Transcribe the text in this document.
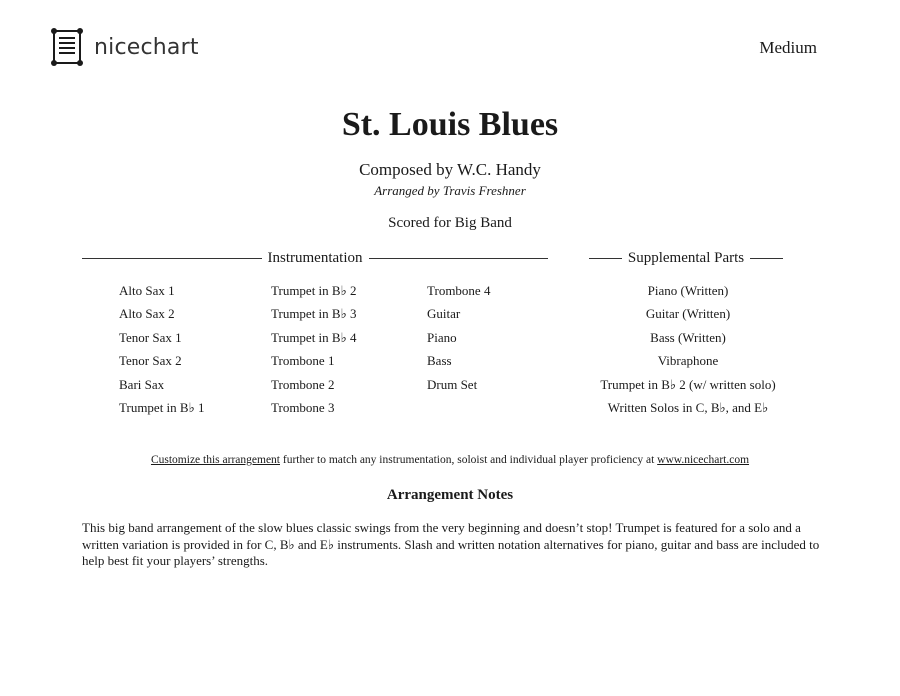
nicechart	Medium
St. Louis Blues
Composed by W.C. Handy
Arranged by Travis Freshner
Scored for Big Band
Instrumentation	Supplemental Parts
Alto Sax 1
Alto Sax 2
Tenor Sax 1
Tenor Sax 2
Bari Sax
Trumpet in B♭ 1
Trumpet in B♭ 2
Trumpet in B♭ 3
Trumpet in B♭ 4
Trombone 1
Trombone 2
Trombone 3
Trombone 4
Guitar
Piano
Bass
Drum Set
Piano (Written)
Guitar (Written)
Bass (Written)
Vibraphone
Trumpet in B♭ 2 (w/ written solo)
Written Solos in C, B♭, and E♭
Customize this arrangement further to match any instrumentation, soloist and individual player proficiency at www.nicechart.com
Arrangement Notes

This big band arrangement of the slow blues classic swings from the very beginning and doesn’t stop! Trumpet is featured for a solo and a written variation is provided in for C, B♭ and E♭ instruments. Slash and written notation alternatives for piano, guitar and bass are included to help best fit your players’ strengths.
